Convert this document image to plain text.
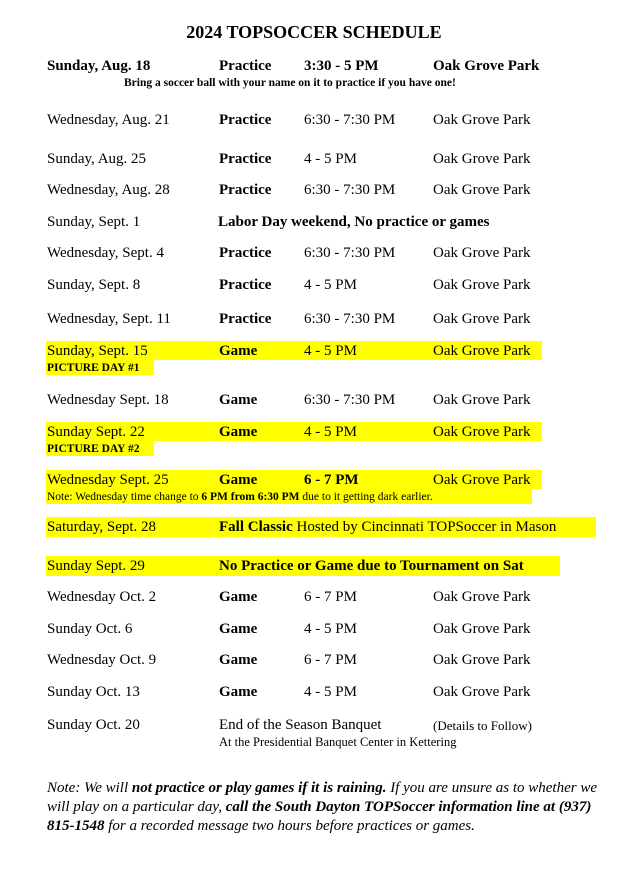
2024 TOPSOCCER SCHEDULE
Sunday, Aug. 18	Practice 3:30 - 5 PM	Oak Grove Park
Bring a soccer ball with your name on it to practice if you have one!
Wednesday, Aug. 21	Practice 6:30 - 7:30 PM	Oak Grove Park
Sunday, Aug. 25	Practice 4 - 5 PM	Oak Grove Park
Wednesday, Aug. 28	Practice 6:30 - 7:30 PM	Oak Grove Park
Sunday, Sept. 1	Labor Day weekend, No practice or games
Wednesday, Sept. 4	Practice 6:30 - 7:30 PM	Oak Grove Park
Sunday, Sept. 8	Practice 4 - 5 PM	Oak Grove Park
Wednesday, Sept. 11	Practice 6:30 - 7:30 PM	Oak Grove Park
Sunday, Sept. 15	Game	4 - 5 PM	Oak Grove Park
PICTURE DAY #1
Wednesday Sept. 18	Game	6:30 - 7:30 PM	Oak Grove Park
Sunday Sept. 22	Game	4 - 5 PM	Oak Grove Park
PICTURE DAY #2
Wednesday Sept. 25	Game	6 - 7 PM	Oak Grove Park
Note: Wednesday time change to 6 PM from 6:30 PM due to it getting dark earlier.
Saturday, Sept. 28	Fall Classic Hosted by Cincinnati TOPSoccer in Mason
Sunday Sept. 29	No Practice or Game due to Tournament on Sat
Wednesday Oct. 2	Game	6 - 7 PM	Oak Grove Park
Sunday Oct. 6	Game	4 - 5 PM	Oak Grove Park
Wednesday Oct. 9	Game	6 - 7 PM	Oak Grove Park
Sunday Oct. 13	Game	4 - 5 PM	Oak Grove Park
Sunday Oct. 20	End of the Season Banquet	(Details to Follow)
At the Presidential Banquet Center in Kettering
Note: We will not practice or play games if it is raining. If you are unsure as to whether we will play on a particular day, call the South Dayton TOPSoccer information line at (937) 815-1548 for a recorded message two hours before practices or games.
